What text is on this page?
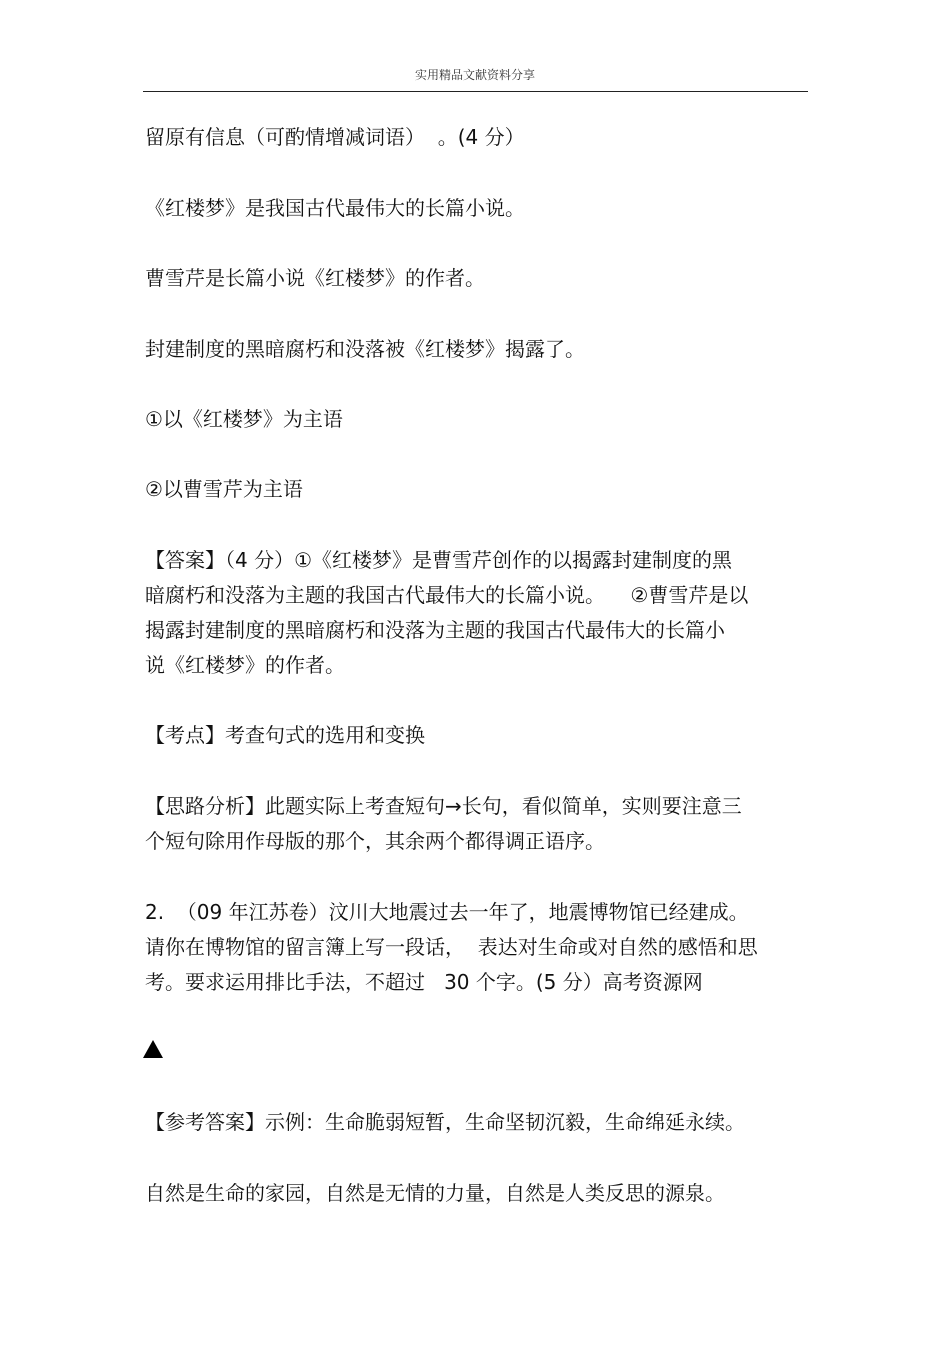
实用精品文献资料分享
留原有信息（可酌情增减词语）  。(4 分）
《红楼梦》是我国古代最伟大的长篇小说。
曹雪芹是长篇小说《红楼梦》的作者。
封建制度的黑暗腐朽和没落被《红楼梦》揭露了。
①以《红楼梦》为主语
②以曹雪芹为主语
【答案】（4 分）①《红楼梦》是曹雪芹创作的以揭露封建制度的黑
暗腐朽和没落为主题的我国古代最伟大的长篇小说。    ②曹雪芹是以
揭露封建制度的黑暗腐朽和没落为主题的我国古代最伟大的长篇小
说《红楼梦》的作者。
【考点】考查句式的选用和变换
【思路分析】此题实际上考查短句→长句，看似简单，实则要注意三
个短句除用作母版的那个，其余两个都得调正语序。
2.  （09 年江苏卷）汶川大地震过去一年了，地震博物馆已经建成。
请你在博物馆的留言簿上写一段话，  表达对生命或对自然的感悟和思
考。要求运用排比手法，不超过   30 个字。(5 分）高考资源网
【参考答案】示例：生命脆弱短暂，生命坚韧沉毅，生命绵延永续。
自然是生命的家园，自然是无情的力量，自然是人类反思的源泉。
